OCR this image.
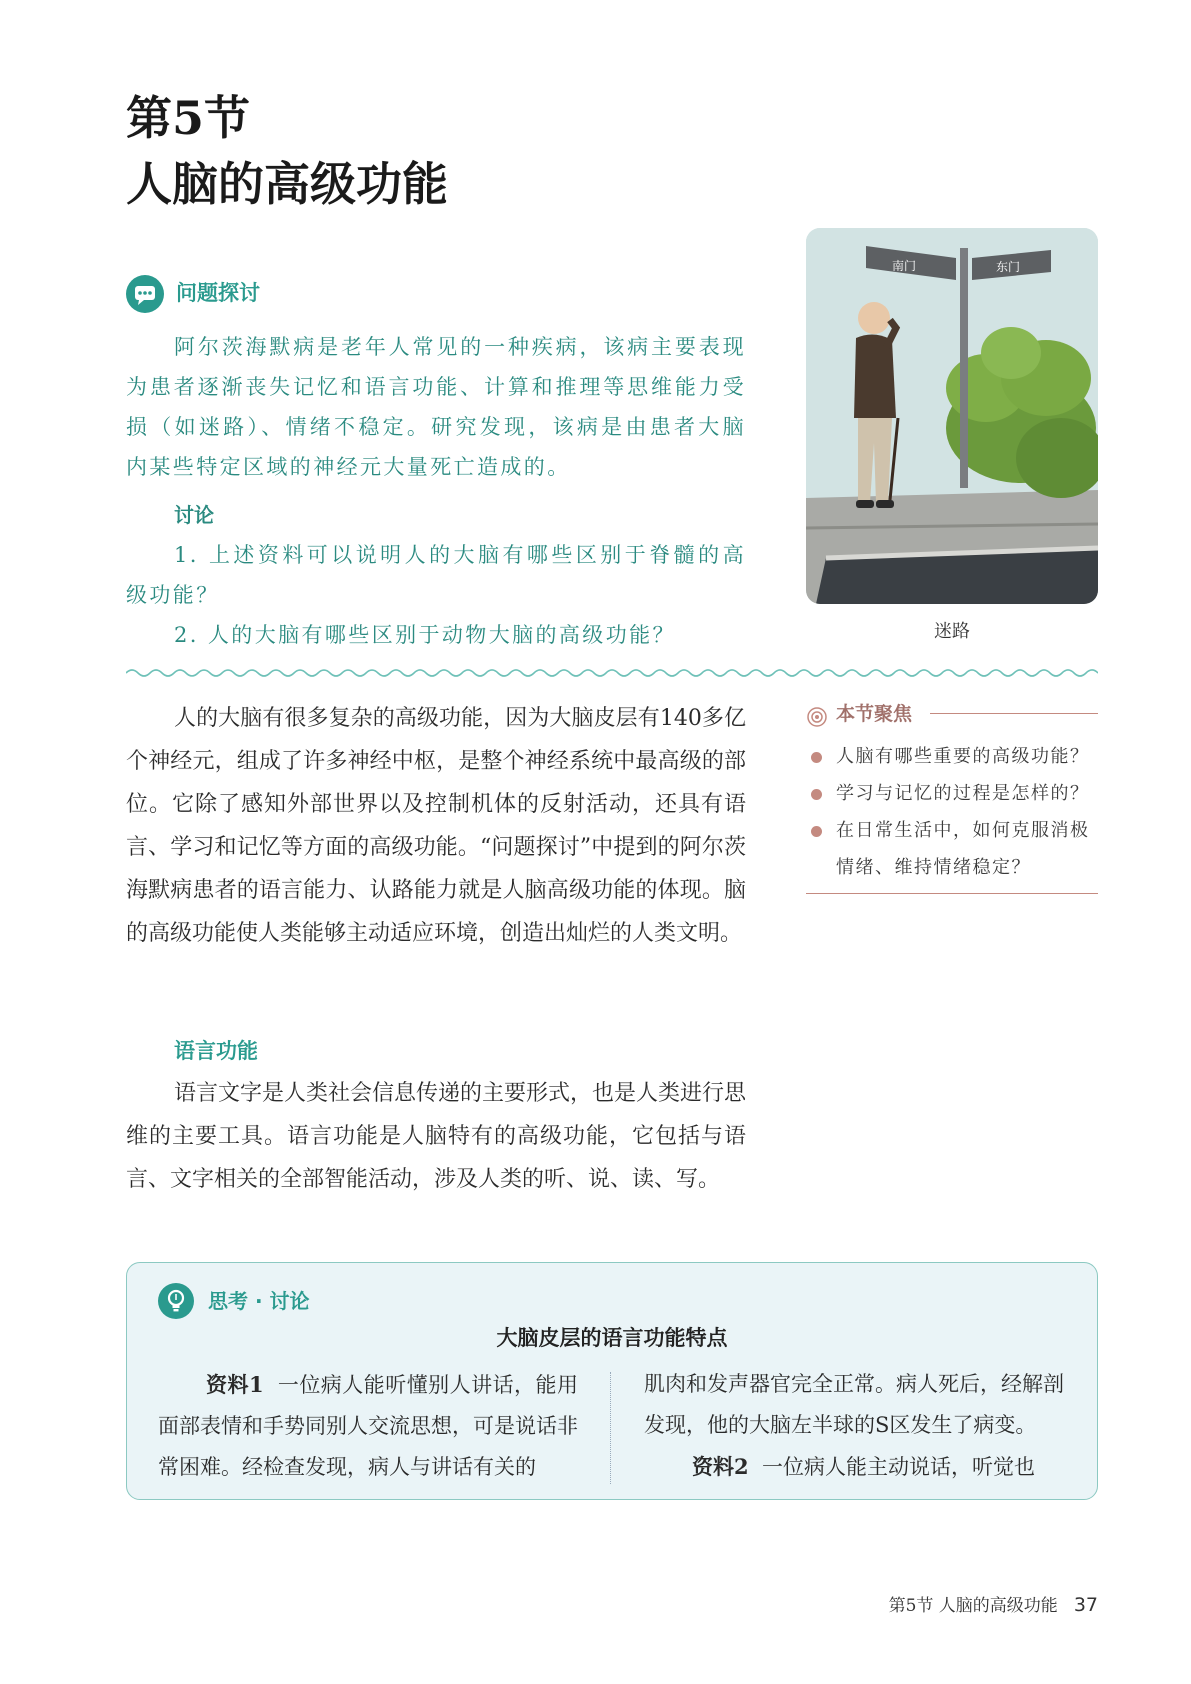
第5节
人脑的高级功能
问题探讨
阿尔茨海默病是老年人常见的一种疾病，该病主要表现为患者逐渐丧失记忆和语言功能、计算和推理等思维能力受损（如迷路）、情绪不稳定。研究发现，该病是由患者大脑内某些特定区域的神经元大量死亡造成的。
讨论
1. 上述资料可以说明人的大脑有哪些区别于脊髓的高级功能？
2. 人的大脑有哪些区别于动物大脑的高级功能？
南门	东门
迷路
人的大脑有很多复杂的高级功能，因为大脑皮层有140多亿个神经元，组成了许多神经中枢，是整个神经系统中最高级的部位。它除了感知外部世界以及控制机体的反射活动，还具有语言、学习和记忆等方面的高级功能。“问题探讨”中提到的阿尔茨海默病患者的语言能力、认路能力就是人脑高级功能的体现。脑的高级功能使人类能够主动适应环境，创造出灿烂的人类文明。
语言功能
语言文字是人类社会信息传递的主要形式，也是人类进行思维的主要工具。语言功能是人脑特有的高级功能，它包括与语言、文字相关的全部智能活动，涉及人类的听、说、读、写。
本节聚焦
人脑有哪些重要的高级功能？
学习与记忆的过程是怎样的？
在日常生活中，如何克服消极情绪、维持情绪稳定？
思考 · 讨论
大脑皮层的语言功能特点
资料1 一位病人能听懂别人讲话，能用面部表情和手势同别人交流思想，可是说话非常困难。经检查发现，病人与讲话有关的
肌肉和发声器官完全正常。病人死后，经解剖发现，他的大脑左半球的S区发生了病变。
资料2 一位病人能主动说话，听觉也
第5节 人脑的高级功能 37
